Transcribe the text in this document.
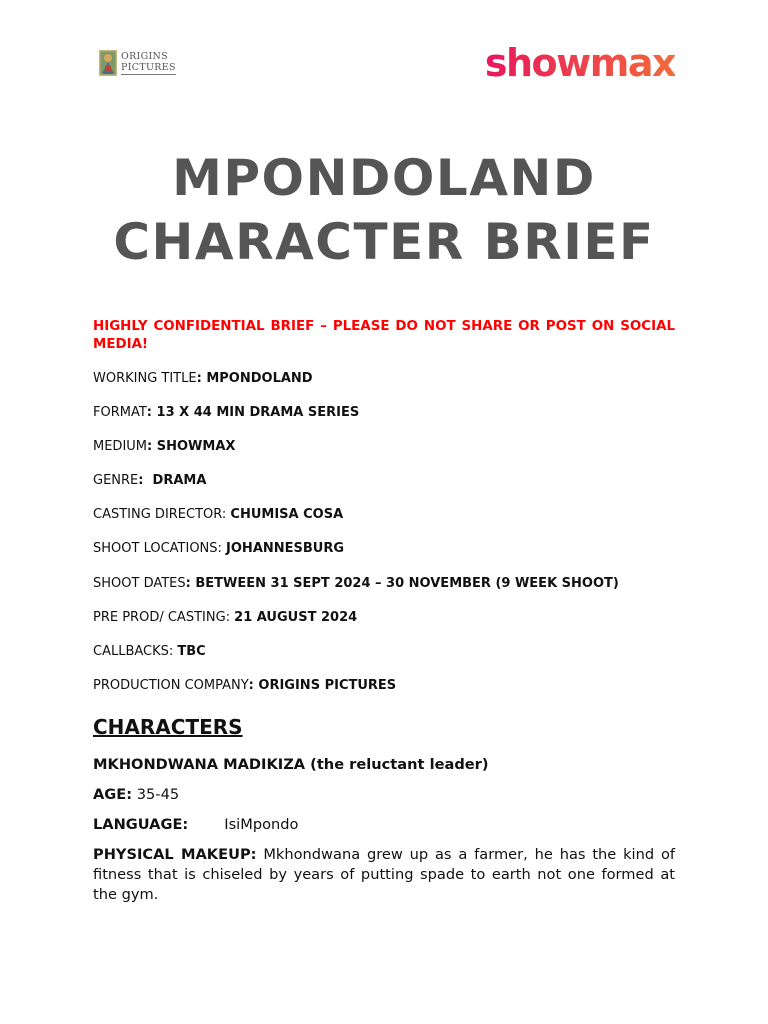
ORIGINS
PICTURES	showmax
MPONDOLAND
CHARACTER BRIEF

HIGHLY CONFIDENTIAL BRIEF – PLEASE DO NOT SHARE OR POST ON SOCIAL MEDIA!

WORKING TITLE: MPONDOLAND
FORMAT: 13 X 44 MIN DRAMA SERIES
MEDIUM: SHOWMAX
GENRE:  DRAMA
CASTING DIRECTOR: CHUMISA COSA
SHOOT LOCATIONS: JOHANNESBURG
SHOOT DATES: BETWEEN 31 SEPT 2024 – 30 NOVEMBER (9 WEEK SHOOT)
PRE PROD/ CASTING: 21 AUGUST 2024
CALLBACKS: TBC
PRODUCTION COMPANY: ORIGINS PICTURES
CHARACTERS
MKHONDWANA MADIKIZA (the reluctant leader)
AGE: 35-45
LANGUAGE: IsiMpondo

PHYSICAL MAKEUP: Mkhondwana grew up as a farmer, he has the kind of fitness that is chiseled by years of putting spade to earth not one formed at the gym.
